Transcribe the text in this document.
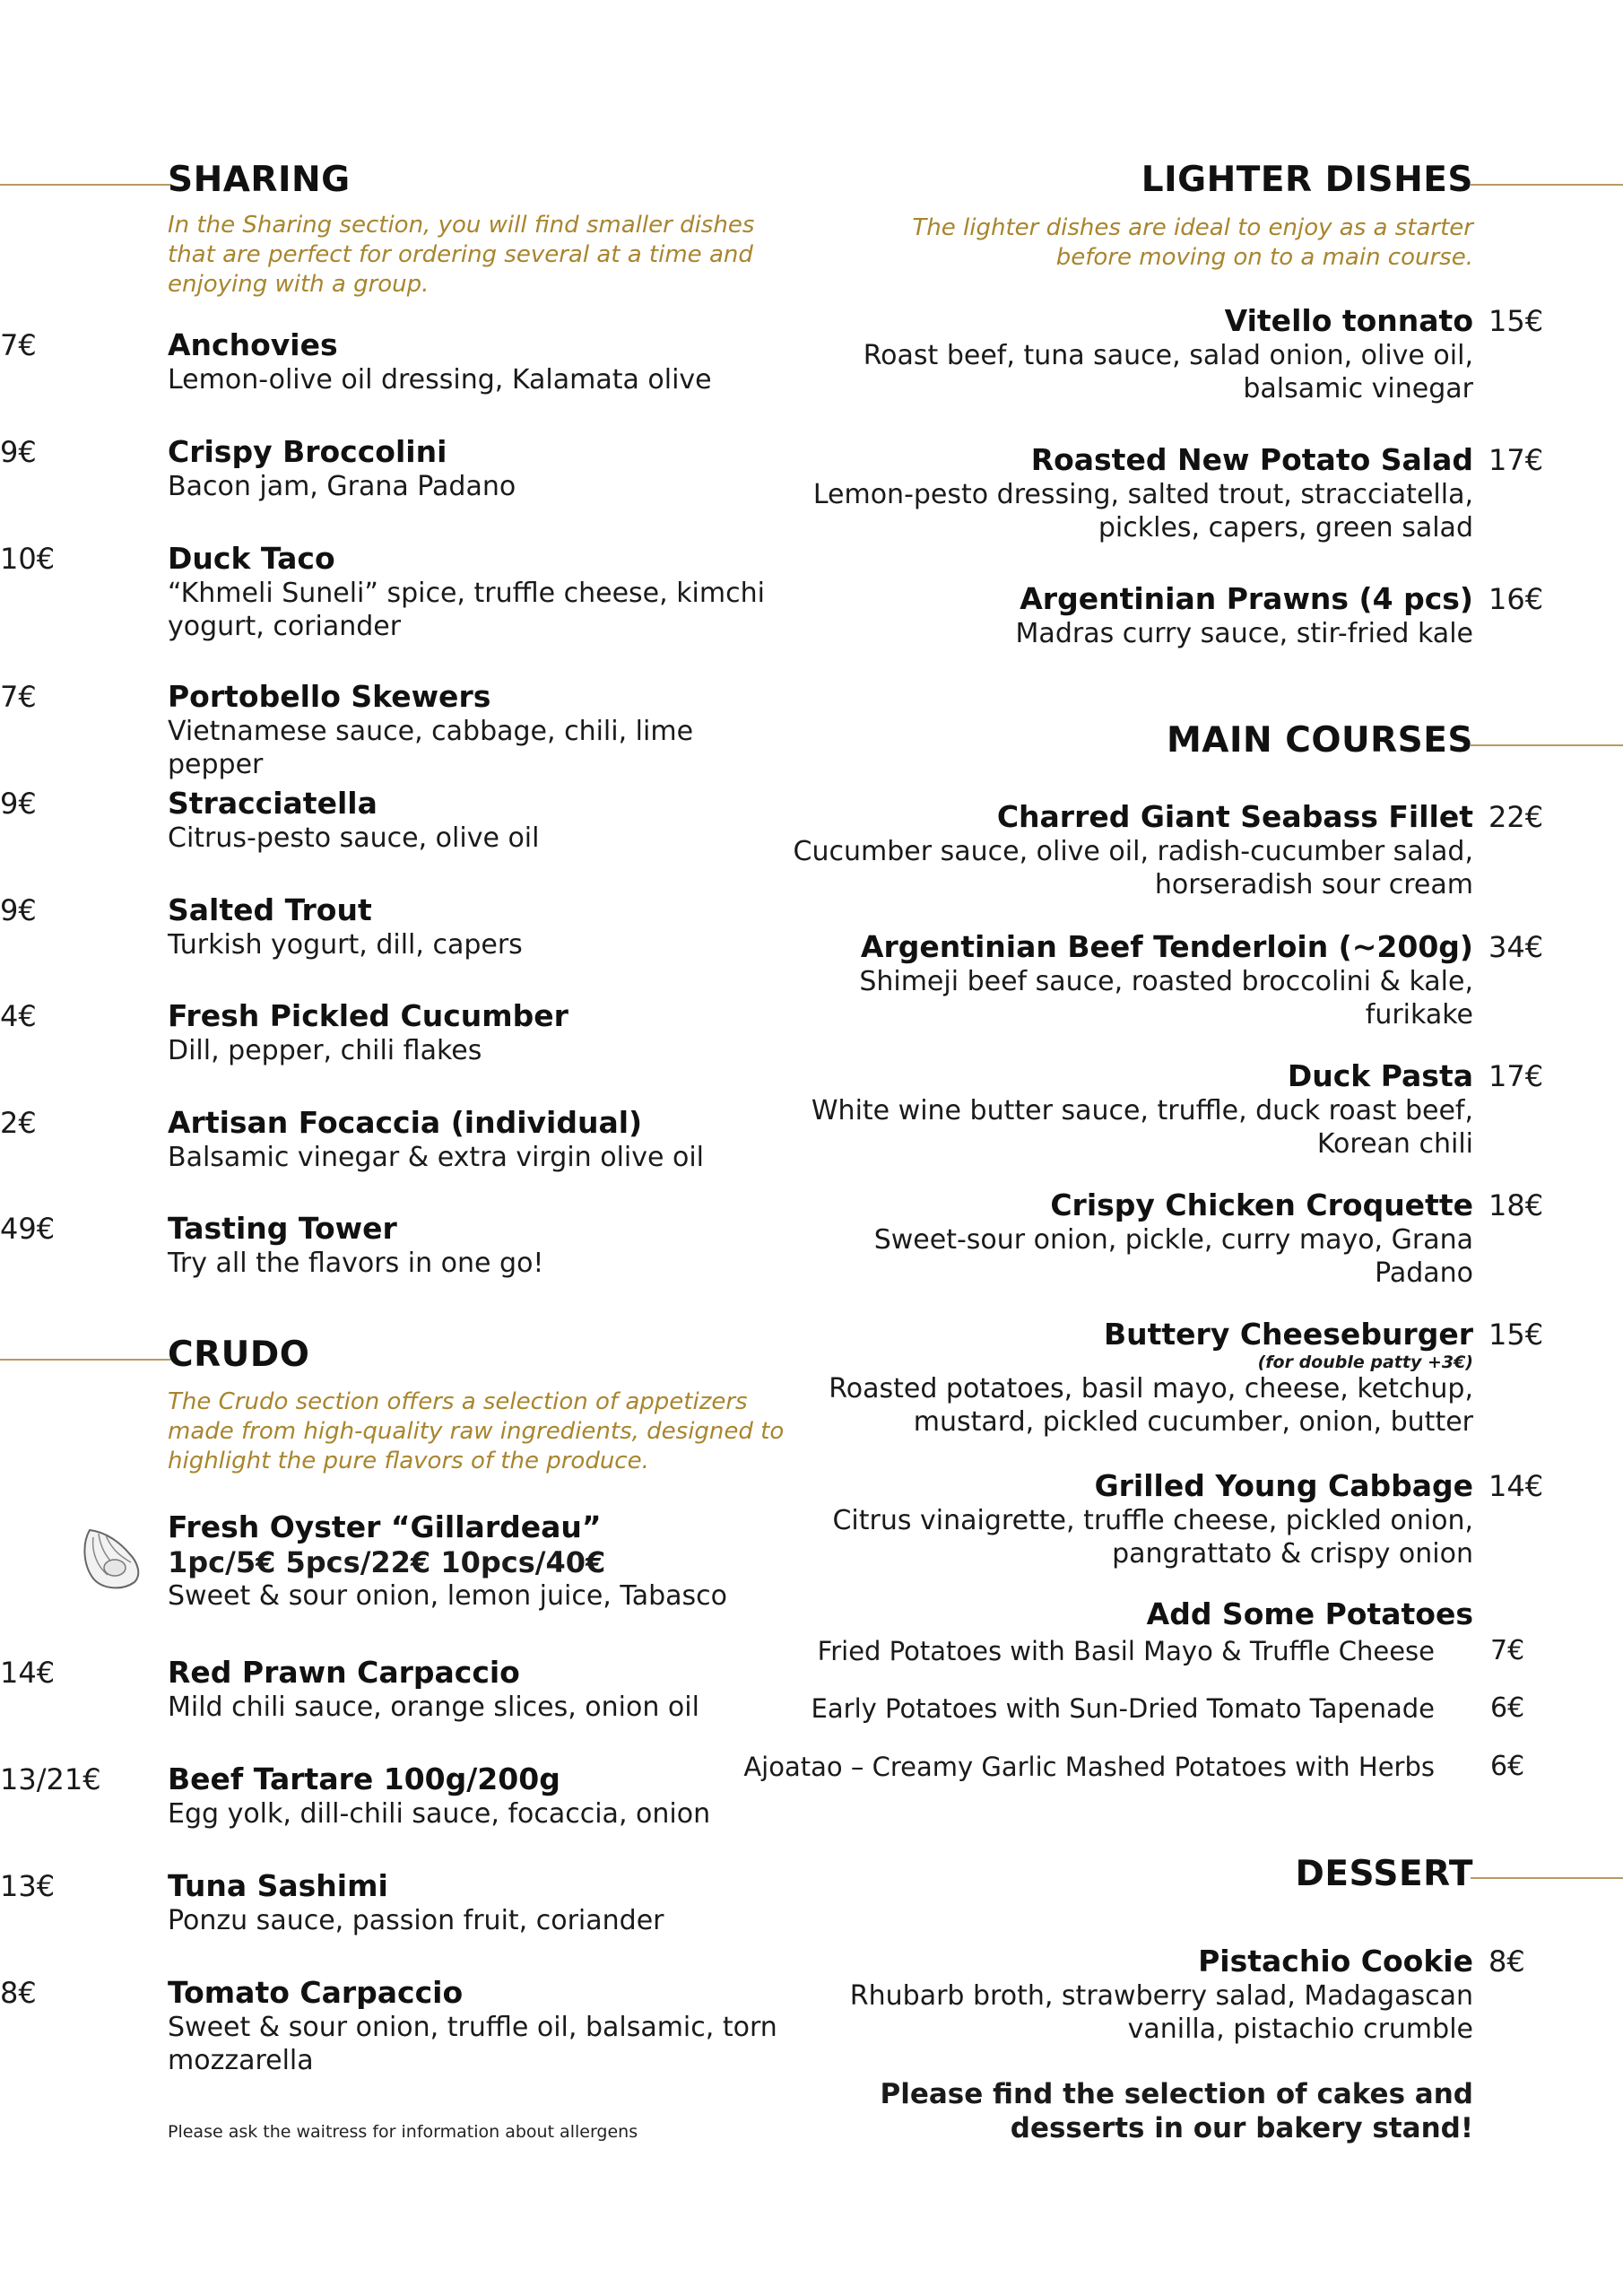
SHARING
In the Sharing section, you will find smaller dishes that are perfect for ordering several at a time and enjoying with a group.
CRUDO
The Crudo section offers a selection of appetizers made from high-quality raw ingredients, designed to highlight the pure flavors of the produce.
Fresh Oyster “Gillardeau”
1pc/5€ 5pcs/22€ 10pcs/40€
Sweet & sour onion, lemon juice, Tabasco
Please ask the waitress for information about allergens
LIGHTER DISHES
The lighter dishes are ideal to enjoy as a starter before moving on to a main course.
MAIN COURSES
Add Some Potatoes
DESSERT
Please find the selection of cakes and desserts in our bakery stand!
7€	Anchovies
Lemon-olive oil dressing, Kalamata olive
9€	Crispy Broccolini
Bacon jam, Grana Padano
10€	Duck Taco
“Khmeli Suneli” spice, truffle cheese, kimchi yogurt, coriander
7€	Portobello Skewers
Vietnamese sauce, cabbage, chili, lime pepper
9€	Stracciatella
Citrus-pesto sauce, olive oil
9€	Salted Trout
Turkish yogurt, dill, capers
4€	Fresh Pickled Cucumber
Dill, pepper, chili flakes
2€	Artisan Focaccia (individual)
Balsamic vinegar & extra virgin olive oil
49€	Tasting Tower
Try all the flavors in one go!
14€	Red Prawn Carpaccio
Mild chili sauce, orange slices, onion oil
13/21€	Beef Tartare 100g/200g
Egg yolk, dill-chili sauce, focaccia, onion
13€	Tuna Sashimi
Ponzu sauce, passion fruit, coriander
8€	Tomato Carpaccio
Sweet & sour onion, truffle oil, balsamic, torn mozzarella
15€
Vitello tonnato
Roast beef, tuna sauce, salad onion, olive oil, balsamic vinegar
17€
Roasted New Potato Salad
Lemon-pesto dressing, salted trout, stracciatella, pickles, capers, green salad
16€
Argentinian Prawns (4 pcs)
Madras curry sauce, stir-fried kale
22€
Charred Giant Seabass Fillet
Cucumber sauce, olive oil, radish-cucumber salad, horseradish sour cream
34€
Argentinian Beef Tenderloin (~200g)
Shimeji beef sauce, roasted broccolini & kale, furikake
17€
Duck Pasta
White wine butter sauce, truffle, duck roast beef, Korean chili
18€
Crispy Chicken Croquette
Sweet-sour onion, pickle, curry mayo, Grana Padano
15€
Buttery Cheeseburger
(for double patty +3€)
Roasted potatoes, basil mayo, cheese, ketchup, mustard, pickled cucumber, onion, butter
14€
Grilled Young Cabbage
Citrus vinaigrette, truffle cheese, pickled onion, pangrattato & crispy onion
8€
Pistachio Cookie
Rhubarb broth, strawberry salad, Madagascan vanilla, pistachio crumble
Fried Potatoes with Basil Mayo & Truffle Cheese 7€
Early Potatoes with Sun-Dried Tomato Tapenade 6€
Ajoatao – Creamy Garlic Mashed Potatoes with Herbs 6€
